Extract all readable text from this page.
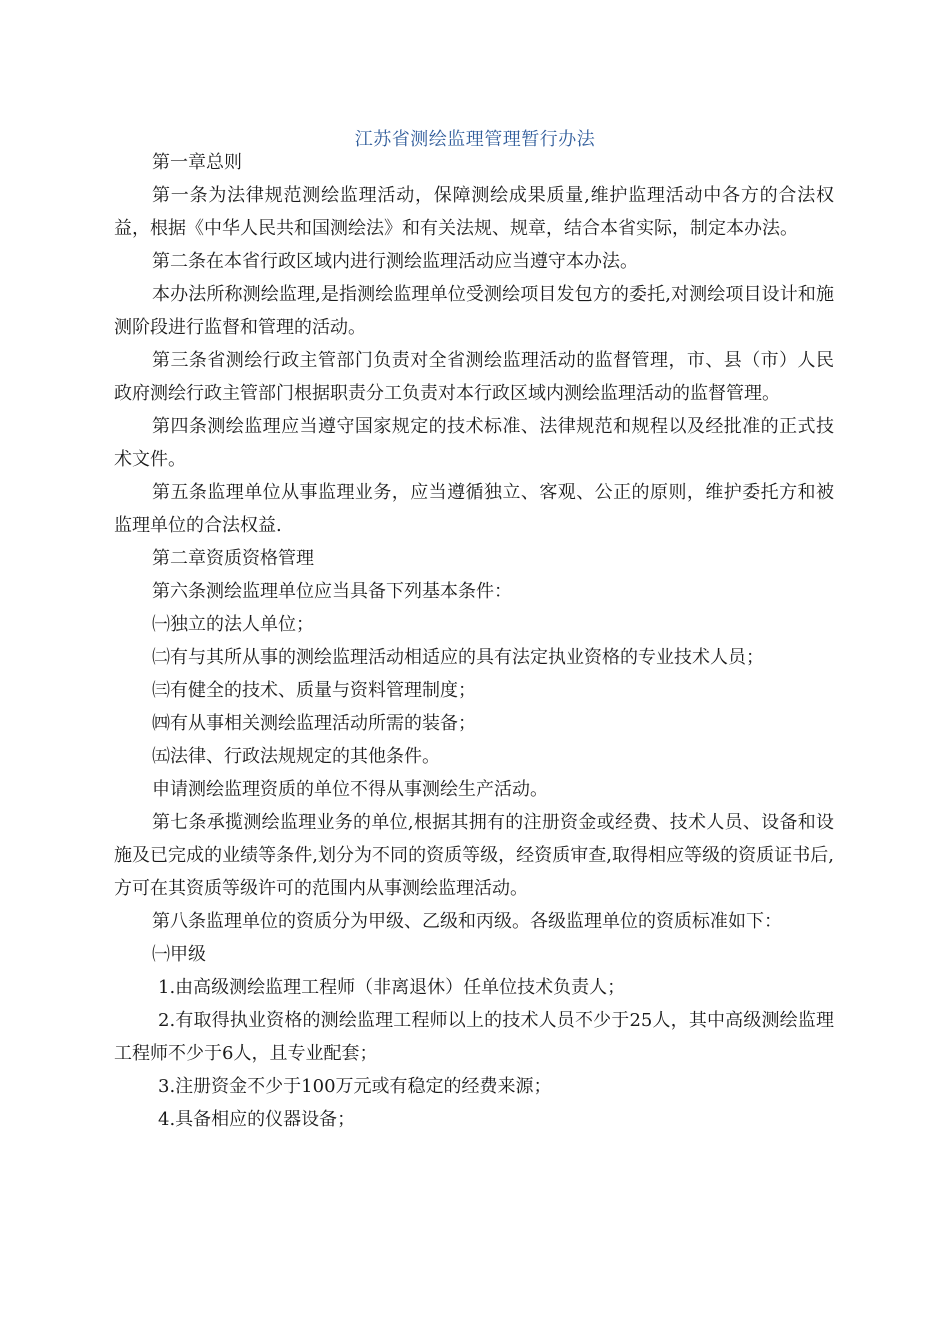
江苏省测绘监理管理暂行办法

第一章总则

第一条为法律规范测绘监理活动，保障测绘成果质量,维护监理活动中各方的合法权益，根据《中华人民共和国测绘法》和有关法规、规章，结合本省实际，制定本办法。

第二条在本省行政区域内进行测绘监理活动应当遵守本办法。

本办法所称测绘监理,是指测绘监理单位受测绘项目发包方的委托,对测绘项目设计和施测阶段进行监督和管理的活动。

第三条省测绘行政主管部门负责对全省测绘监理活动的监督管理，市、县（市）人民政府测绘行政主管部门根据职责分工负责对本行政区域内测绘监理活动的监督管理。

第四条测绘监理应当遵守国家规定的技术标准、法律规范和规程以及经批准的正式技术文件。

第五条监理单位从事监理业务，应当遵循独立、客观、公正的原则，维护委托方和被监理单位的合法权益.

第二章资质资格管理

第六条测绘监理单位应当具备下列基本条件：

㈠独立的法人单位；

㈡有与其所从事的测绘监理活动相适应的具有法定执业资格的专业技术人员；

㈢有健全的技术、质量与资料管理制度；

㈣有从事相关测绘监理活动所需的装备；

㈤法律、行政法规规定的其他条件。

申请测绘监理资质的单位不得从事测绘生产活动。

第七条承揽测绘监理业务的单位,根据其拥有的注册资金或经费、技术人员、设备和设施及已完成的业绩等条件,划分为不同的资质等级，经资质审查,取得相应等级的资质证书后,方可在其资质等级许可的范围内从事测绘监理活动。

第八条监理单位的资质分为甲级、乙级和丙级。各级监理单位的资质标准如下：

㈠甲级

1.由高级测绘监理工程师（非离退休）任单位技术负责人；

2.有取得执业资格的测绘监理工程师以上的技术人员不少于25人，其中高级测绘监理工程师不少于6人，且专业配套；

3.注册资金不少于100万元或有稳定的经费来源；

4.具备相应的仪器设备；
